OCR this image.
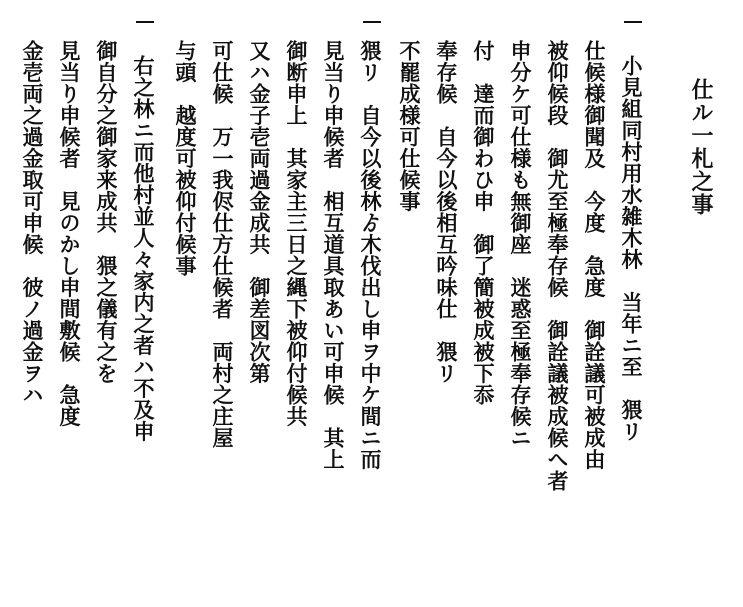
仕ル一札之事
小見組同村用水雑木林　当年ニ至　猥リ
仕候様御聞及　今度　急度　御詮議可被成由
被仰候段　御尤至極奉存候　御詮議被成候へ者
申分ケ可仕様も無御座　迷惑至極奉存候ニ
付　達而御わひ申　御了簡被成被下忝
奉存候　自今以後相互吟味仕　猥リ
不罷成様可仕候事
猥リ　自今以後林ゟ木伐出し申ヲ中ケ間ニ而
見当り申候者　相互道具取あい可申候　其上
御断申上　其家主三日之縄下被仰付候共
又ハ金子壱両過金成共　御差図次第
可仕候　万一我侭仕方仕候者　両村之庄屋
与頭　越度可被仰付候事
右之林ニ而他村並人々家内之者ハ不及申
御自分之御家来成共　猥之儀有之を
見当り申候者　見のかし申間敷候　急度
金壱両之過金取可申候　彼ノ過金ヲハ
